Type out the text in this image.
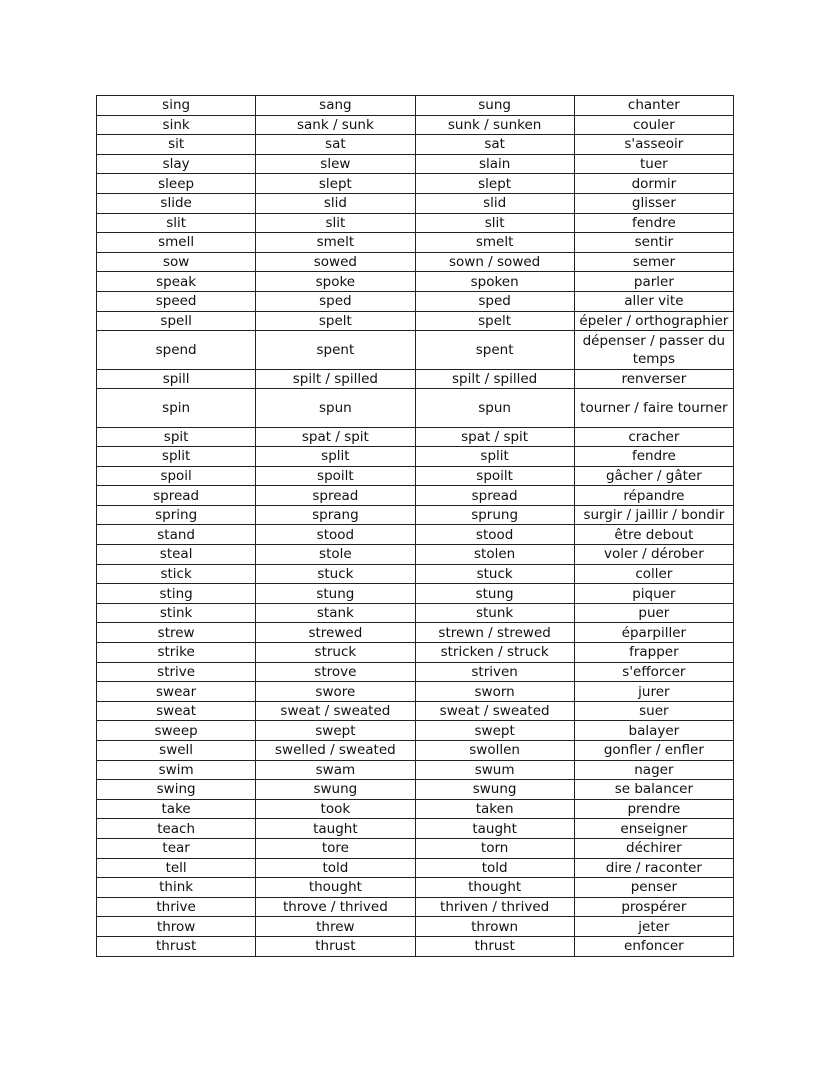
sing	sang	sung	chanter
sink	sank / sunk	sunk / sunken	couler
sit	sat	sat	s'asseoir
slay	slew	slain	tuer
sleep	slept	slept	dormir
slide	slid	slid	glisser
slit	slit	slit	fendre
smell	smelt	smelt	sentir
sow	sowed	sown / sowed	semer
speak	spoke	spoken	parler
speed	sped	sped	aller vite
spell	spelt	spelt	épeler / orthographier
spend	spent	spent	dépenser / passer du temps
spill	spilt / spilled	spilt / spilled	renverser
spin	spun	spun	tourner / faire tourner
spit	spat / spit	spat / spit	cracher
split	split	split	fendre
spoil	spoilt	spoilt	gâcher / gâter
spread	spread	spread	répandre
spring	sprang	sprung	surgir / jaillir / bondir
stand	stood	stood	être debout
steal	stole	stolen	voler / dérober
stick	stuck	stuck	coller
sting	stung	stung	piquer
stink	stank	stunk	puer
strew	strewed	strewn / strewed	éparpiller
strike	struck	stricken / struck	frapper
strive	strove	striven	s'efforcer
swear	swore	sworn	jurer
sweat	sweat / sweated	sweat / sweated	suer
sweep	swept	swept	balayer
swell	swelled / sweated	swollen	gonfler / enfler
swim	swam	swum	nager
swing	swung	swung	se balancer
take	took	taken	prendre
teach	taught	taught	enseigner
tear	tore	torn	déchirer
tell	told	told	dire / raconter
think	thought	thought	penser
thrive	throve / thrived	thriven / thrived	prospérer
throw	threw	thrown	jeter
thrust	thrust	thrust	enfoncer
